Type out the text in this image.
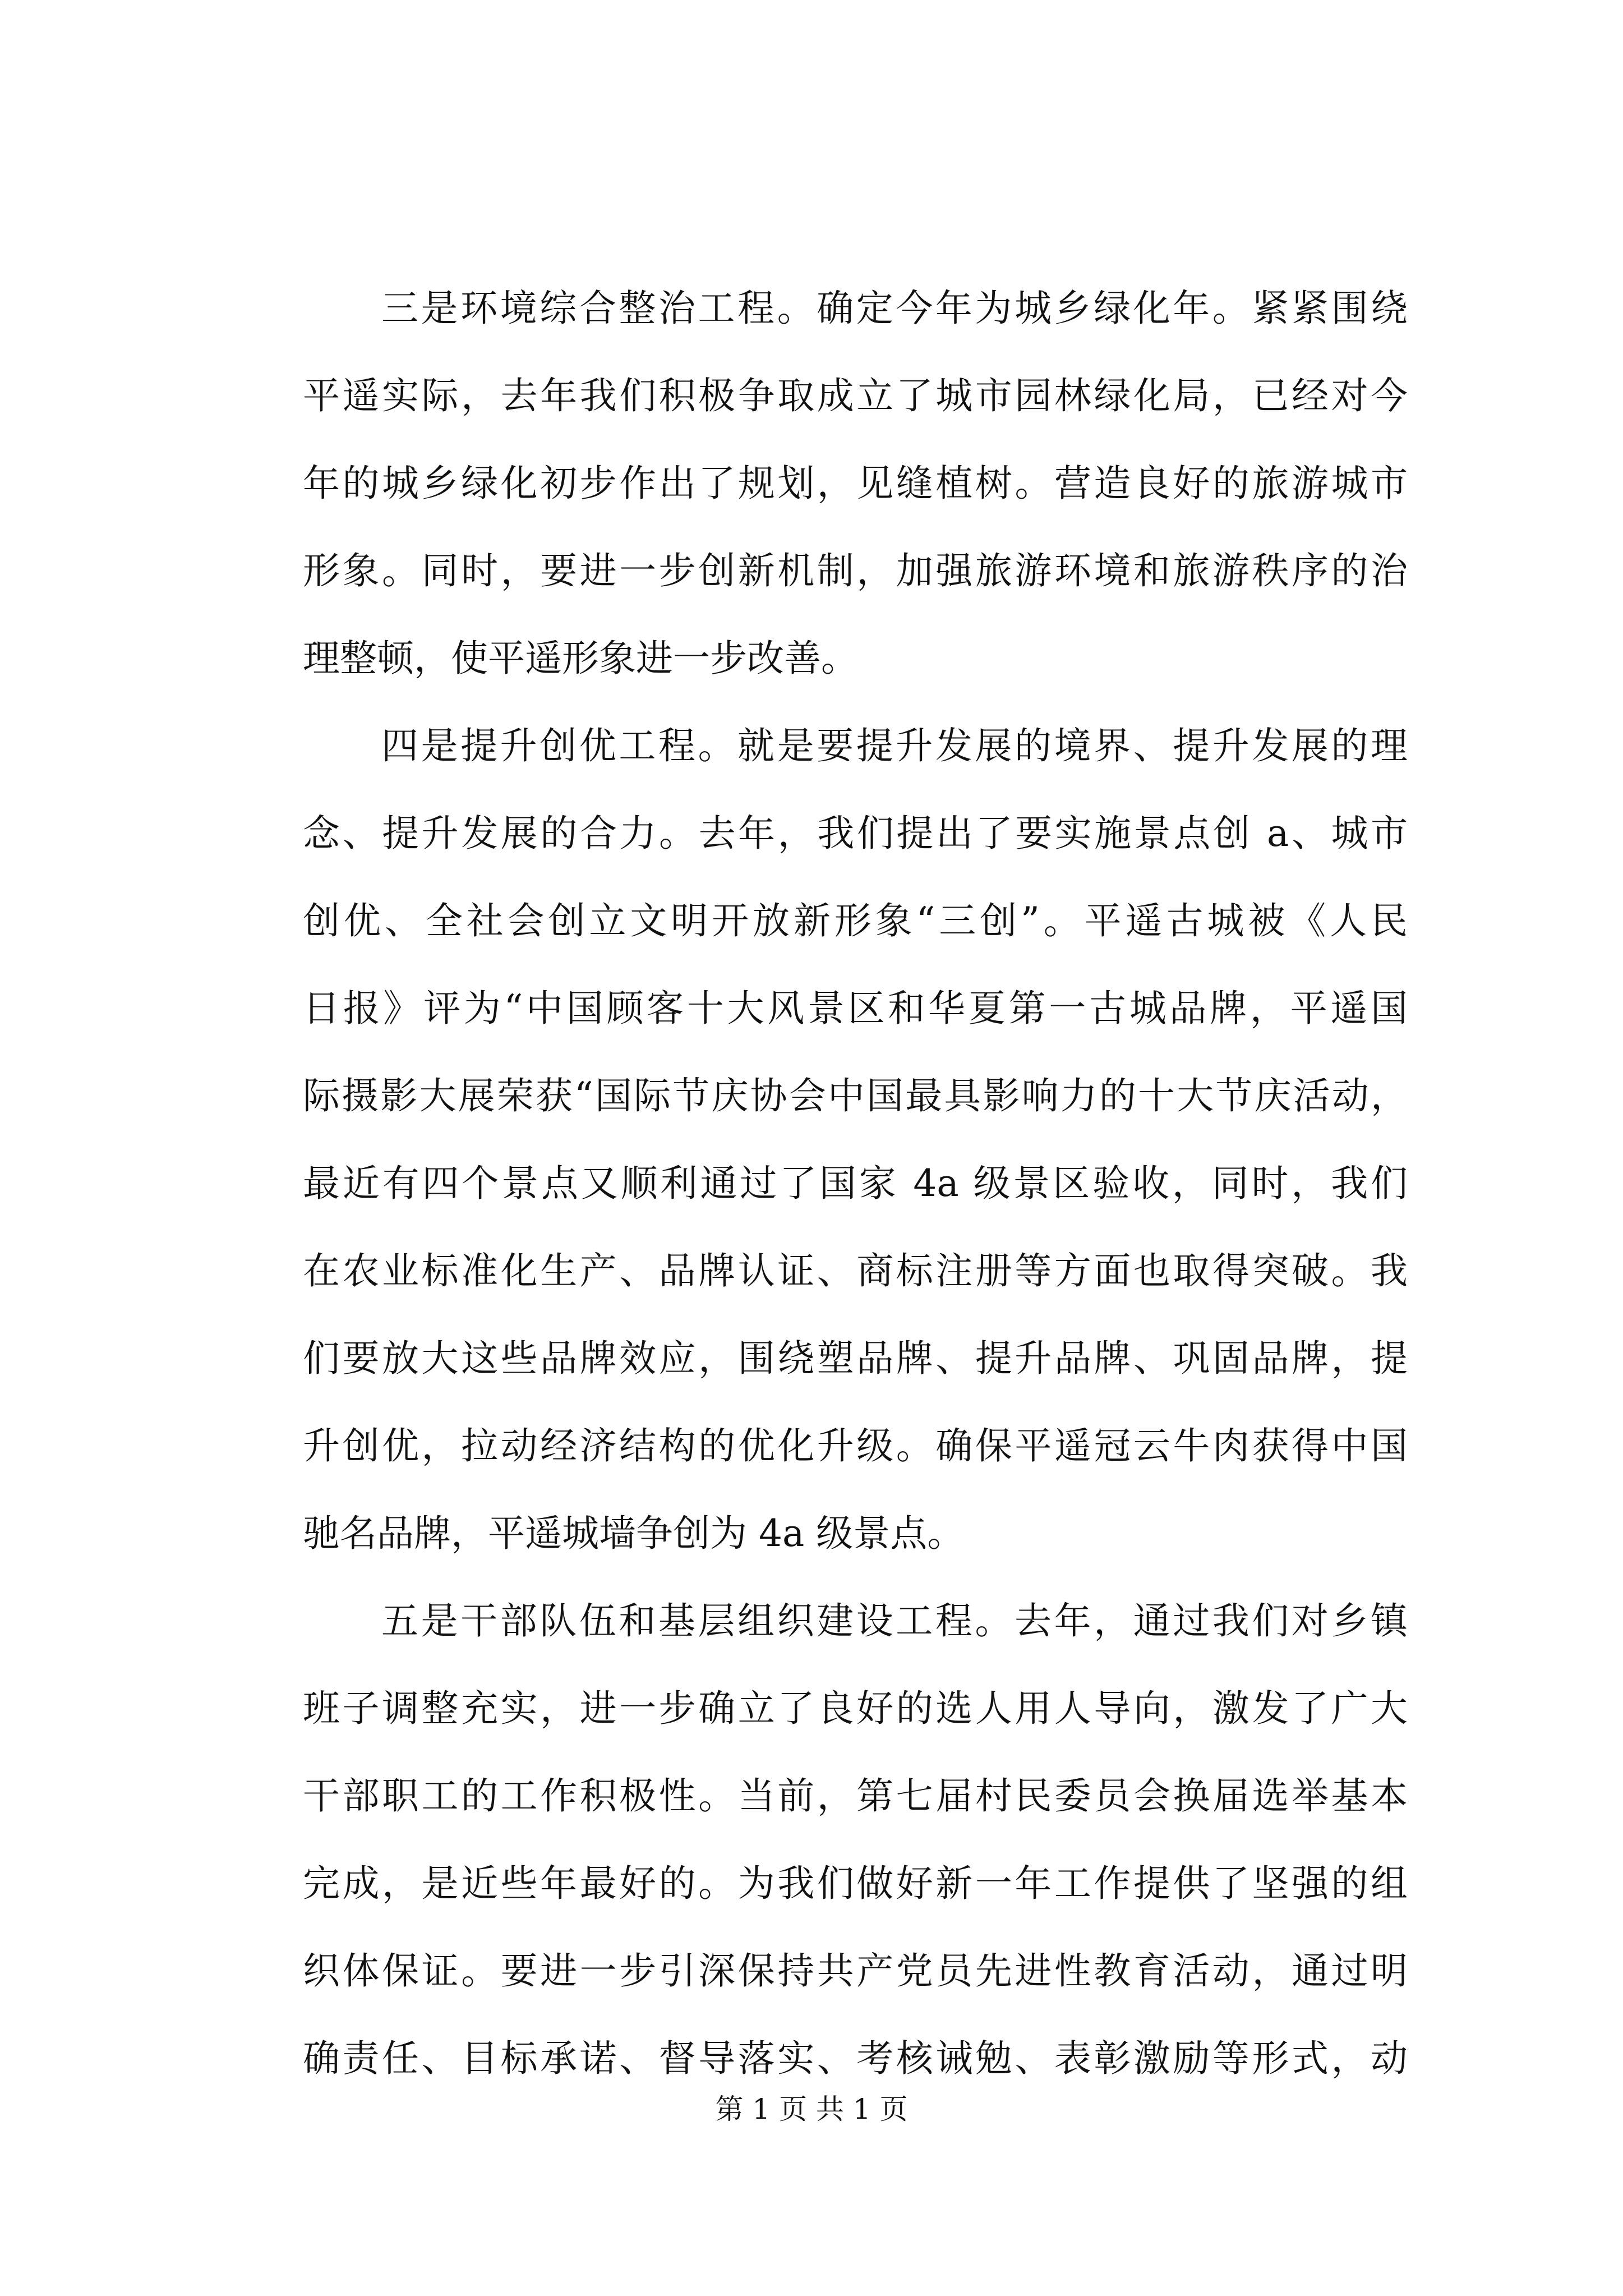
三是环境综合整治工程。确定今年为城乡绿化年。紧紧围绕
平遥实际，去年我们积极争取成立了城市园林绿化局，已经对今
年的城乡绿化初步作出了规划，见缝植树。营造良好的旅游城市
形象。同时，要进一步创新机制，加强旅游环境和旅游秩序的治
理整顿，使平遥形象进一步改善。
四是提升创优工程。就是要提升发展的境界、提升发展的理
念、提升发展的合力。去年，我们提出了要实施景点创 a、城市
创优、全社会创立文明开放新形象“三创”。平遥古城被《人民
日报》评为“中国顾客十大风景区和华夏第一古城品牌，平遥国
际摄影大展荣获“国际节庆协会中国最具影响力的十大节庆活动，
最近有四个景点又顺利通过了国家 4a 级景区验收，同时，我们
在农业标准化生产、品牌认证、商标注册等方面也取得突破。我
们要放大这些品牌效应，围绕塑品牌、提升品牌、巩固品牌，提
升创优，拉动经济结构的优化升级。确保平遥冠云牛肉获得中国
驰名品牌，平遥城墙争创为 4a 级景点。
五是干部队伍和基层组织建设工程。去年，通过我们对乡镇
班子调整充实，进一步确立了良好的选人用人导向，激发了广大
干部职工的工作积极性。当前，第七届村民委员会换届选举基本
完成，是近些年最好的。为我们做好新一年工作提供了坚强的组
织体保证。要进一步引深保持共产党员先进性教育活动，通过明
确责任、目标承诺、督导落实、考核诫勉、表彰激励等形式，动
第 1 页 共 1 页
